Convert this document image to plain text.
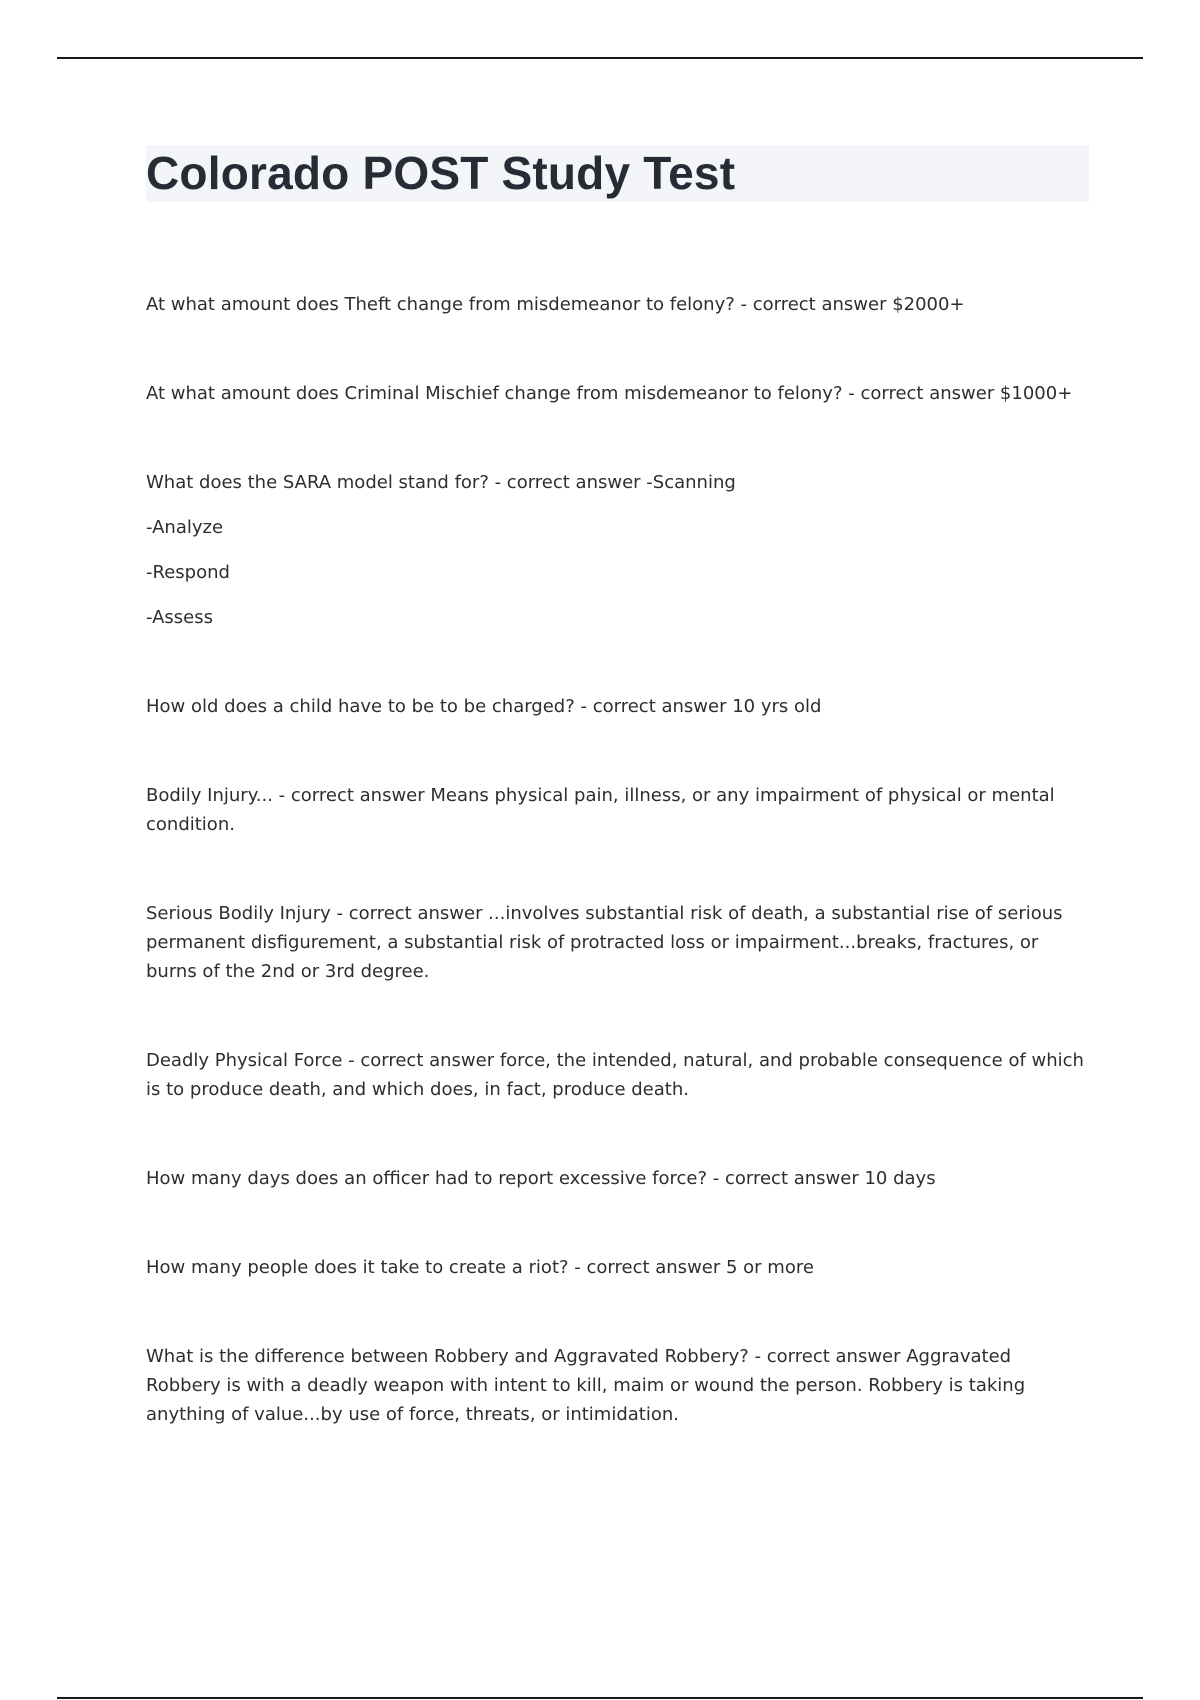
Colorado POST Study Test

At what amount does Theft change from misdemeanor to felony? - correct answer $2000+

At what amount does Criminal Mischief change from misdemeanor to felony? - correct answer $1000+

What does the SARA model stand for? - correct answer -Scanning

-Analyze

-Respond

-Assess

How old does a child have to be to be charged? - correct answer 10 yrs old

Bodily Injury... - correct answer Means physical pain, illness, or any impairment of physical or mental condition.

Serious Bodily Injury - correct answer ...involves substantial risk of death, a substantial rise of serious permanent disfigurement, a substantial risk of protracted loss or impairment...breaks, fractures, or burns of the 2nd or 3rd degree.

Deadly Physical Force - correct answer force, the intended, natural, and probable consequence of which is to produce death, and which does, in fact, produce death.

How many days does an officer had to report excessive force? - correct answer 10 days

How many people does it take to create a riot? - correct answer 5 or more

What is the difference between Robbery and Aggravated Robbery? - correct answer Aggravated Robbery is with a deadly weapon with intent to kill, maim or wound the person. Robbery is taking anything of value...by use of force, threats, or intimidation.
